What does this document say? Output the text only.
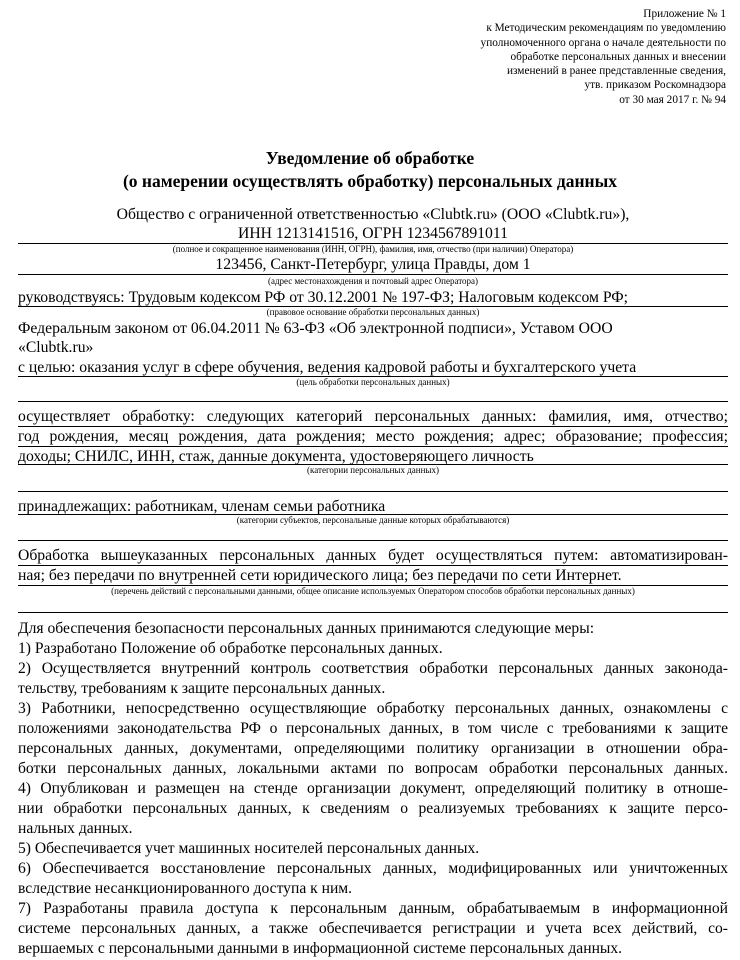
Приложение № 1
к Методическим рекомендациям по уведомлению
уполномоченного органа о начале деятельности по
обработке персональных данных и внесении
изменений в ранее представленные сведения,
утв. приказом Роскомнадзора
от 30 мая 2017 г. № 94
Уведомление об обработке
(о намерении осуществлять обработку) персональных данных
Общество с ограниченной ответственностью «Clubtk.ru» (ООО «Clubtk.ru»),
ИНН 1213141516, ОГРН 1234567891011
(полное и сокращенное наименования (ИНН, ОГРН), фамилия, имя, отчество (при наличии) Оператора)
123456, Санкт-Петербург, улица Правды, дом 1
(адрес местонахождения и почтовый адрес Оператора)
руководствуясь: Трудовым кодексом РФ от 30.12.2001 № 197-ФЗ; Налоговым кодексом РФ;
(правовое основание обработки персональных данных)
Федеральным законом от 06.04.2011 № 63-ФЗ «Об электронной подписи», Уставом ООО
«Clubtk.ru»
с целью: оказания услуг в сфере обучения, ведения кадровой работы и бухгалтерского учета
(цель обработки персональных данных)
осуществляет обработку: следующих категорий персональных данных: фамилия, имя, отчество;
год рождения, месяц рождения, дата рождения; место рождения; адрес; образование; профессия;
доходы; СНИЛС, ИНН, стаж, данные документа, удостоверяющего личность
(категории персональных данных)
принадлежащих: работникам, членам семьи работника
(категории субъектов, персональные данные которых обрабатываются)
Обработка вышеуказанных персональных данных будет осуществляться путем: автоматизирован-
ная; без передачи по внутренней сети юридического лица; без передачи по сети Интернет.
(перечень действий с персональными данными, общее описание используемых Оператором способов обработки персональных данных)
Для обеспечения безопасности персональных данных принимаются следующие меры:
1) Разработано Положение об обработке персональных данных.
2) Осуществляется внутренний контроль соответствия обработки персональных данных законода-
тельству, требованиям к защите персональных данных.
3) Работники, непосредственно осуществляющие обработку персональных данных, ознакомлены с
положениями законодательства РФ о персональных данных, в том числе с требованиями к защите
персональных данных, документами, определяющими политику организации в отношении обра-
ботки персональных данных, локальными актами по вопросам обработки персональных данных.
4) Опубликован и размещен на стенде организации документ, определяющий политику в отноше-
нии обработки персональных данных, к сведениям о реализуемых требованиях к защите персо-
нальных данных.
5) Обеспечивается учет машинных носителей персональных данных.
6) Обеспечивается восстановление персональных данных, модифицированных или уничтоженных
вследствие несанкционированного доступа к ним.
7) Разработаны правила доступа к персональным данным, обрабатываемым в информационной
системе персональных данных, а также обеспечивается регистрации и учета всех действий, со-
вершаемых с персональными данными в информационной системе персональных данных.
